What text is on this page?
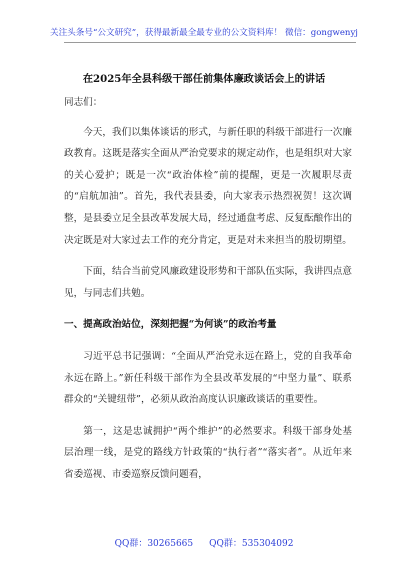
关注头条号“公文研究”，获得最新最全最专业的公文资料库！ 微信：gongwenyj
在2025年全县科级干部任前集体廉政谈话会上的讲话

同志们：

今天，我们以集体谈话的形式，与新任职的科级干部进行一次廉政教育。这既是落实全面从严治党要求的规定动作，也是组织对大家的关心爱护；既是一次“政治体检”前的提醒，更是一次履职尽责的“启航加油”。首先，我代表县委，向大家表示热烈祝贺！这次调整，是县委立足全县改革发展大局，经过通盘考虑、反复酝酿作出的决定既是对大家过去工作的充分肯定，更是对未来担当的殷切期望。

下面，结合当前党风廉政建设形势和干部队伍实际，我讲四点意见，与同志们共勉。

一、提高政治站位，深刻把握“为何谈”的政治考量

习近平总书记强调：“全面从严治党永远在路上，党的自我革命永远在路上。”新任科级干部作为全县改革发展的“中坚力量”、联系群众的“关键纽带”，必须从政治高度认识廉政谈话的重要性。

第一，这是忠诚拥护“两个维护”的必然要求。科级干部身处基层治理一线，是党的路线方针政策的“执行者”“落实者”。从近年来省委巡视、市委巡察反馈问题看，

QQ群：30265665 QQ群：535304092
